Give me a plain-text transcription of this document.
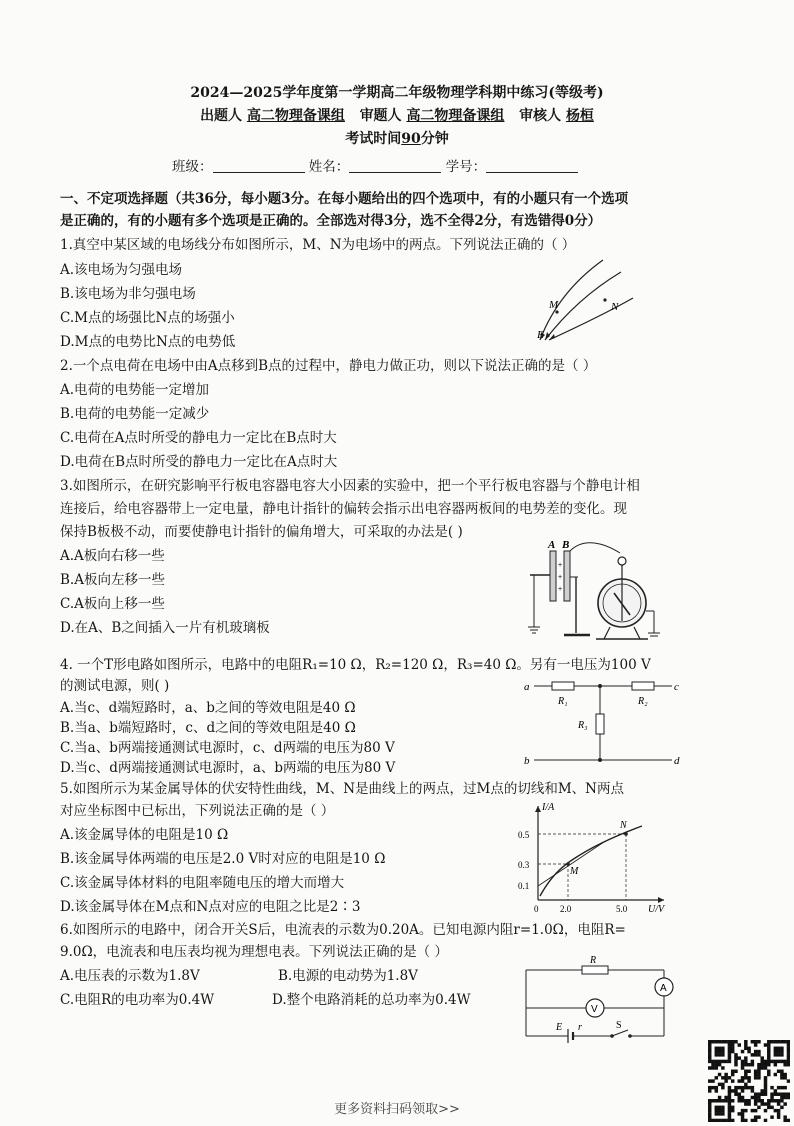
2024—2025学年度第一学期高二年级物理学科期中练习(等级考)
出题人 高二物理备课组 审题人 高二物理备课组 审核人 杨桓
考试时间90分钟
班级：	姓名：	学号：
一、不定项选择题（共36分，每小题3分。在每小题给出的四个选项中，有的小题只有一个选项
是正确的，有的小题有多个选项是正确的。全部选对得3分，选不全得2分，有选错得0分）
1.真空中某区域的电场线分布如图所示，M、N为电场中的两点。下列说法正确的（ ）
A.该电场为匀强电场
B.该电场为非匀强电场
C.M点的场强比N点的场强小
D.M点的电势比N点的电势低
M	N
E
2.一个点电荷在电场中由A点移到B点的过程中，静电力做正功，则以下说法正确的是（ ）
A.电荷的电势能一定增加
B.电荷的电势能一定减少
C.电荷在A点时所受的静电力一定比在B点时大
D.电荷在B点时所受的静电力一定比在A点时大
3.如图所示，在研究影响平行板电容器电容大小因素的实验中，把一个平行板电容器与个静电计相
连接后，给电容器带上一定电量，静电计指针的偏转会指示出电容器两板间的电势差的变化。现
保持B板极不动，而要使静电计指针的偏角增大，可采取的办法是( )
A.A板向右移一些
B.A板向左移一些
C.A板向上移一些
D.在A、B之间插入一片有机玻璃板
A B
+
+
+
4. 一个T形电路如图所示，电路中的电阻R₁=10 Ω，R₂=120 Ω，R₃=40 Ω。另有一电压为100 V
的测试电源，则( )
A.当c、d端短路时，a、b之间的等效电阻是40 Ω
B.当a、b端短路时，c、d之间的等效电阻是40 Ω
C.当a、b两端接通测试电源时，c、d两端的电压为80 V
D.当c、d两端接通测试电源时，a、b两端的电压为80 V
a
b
c
d
R₁	R₂
R₃
5.如图所示为某金属导体的伏安特性曲线，M、N是曲线上的两点，过M点的切线和M、N两点
对应坐标图中已标出，下列说法正确的是（ ）
A.该金属导体的电阻是10 Ω
B.该金属导体两端的电压是2.0 V时对应的电阻是10 Ω
C.该金属导体材料的电阻率随电压的增大而增大
D.该金属导体在M点和N点对应的电阻之比是2∶3
I/A
U/V
0.5
0.3
0.1
0 2.0	5.0
M
N
6.如图所示的电路中，闭合开关S后，电流表的示数为0.20A。已知电源内阻r=1.0Ω，电阻R=
9.0Ω，电流表和电压表均视为理想电表。下列说法正确的是（ ）
A.电压表的示数为1.8V	B.电源的电动势为1.8V
C.电阻R的电功率为0.4W	D.整个电路消耗的总功率为0.4W
R
A
V
E r	S
更多资料扫码领取>>
